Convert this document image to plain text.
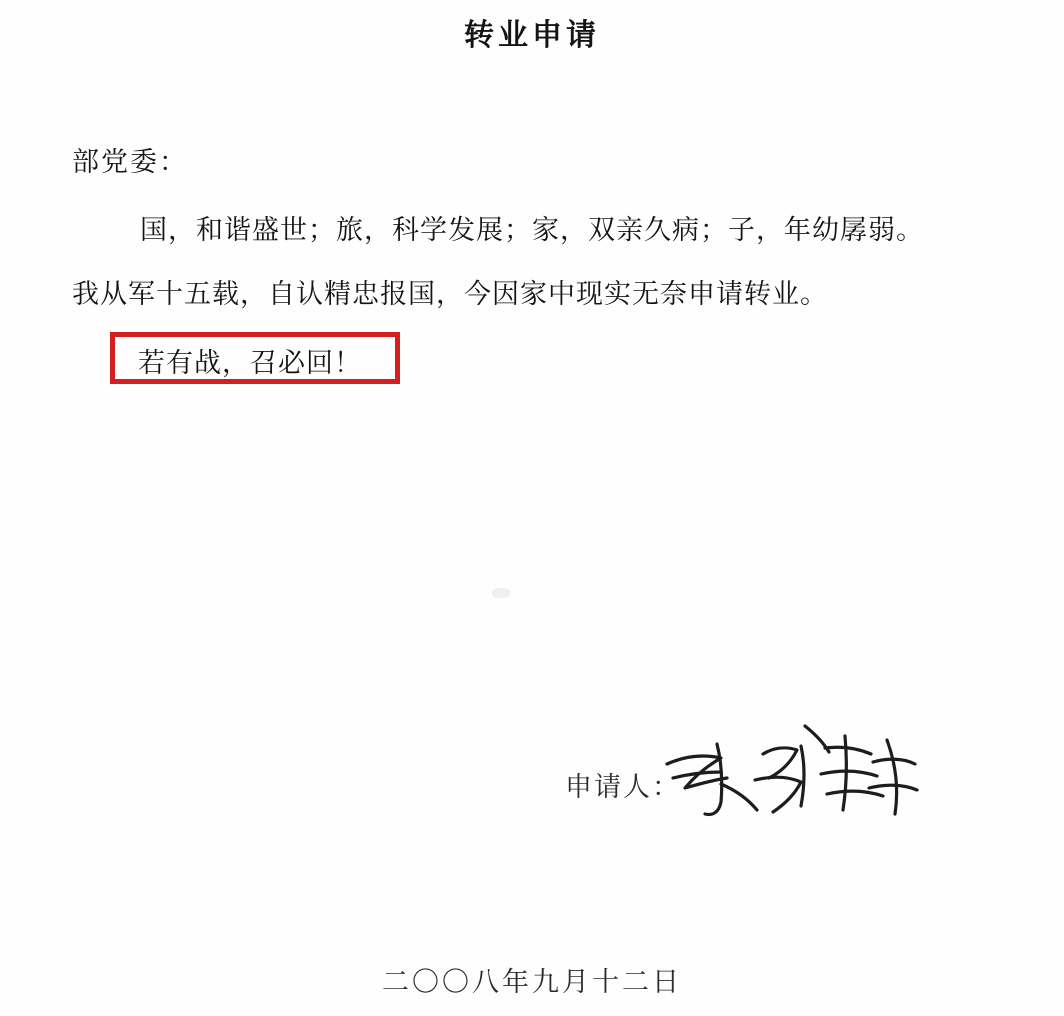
转业申请
部党委：
国，和谐盛世；旅，科学发展；家，双亲久病；子，年幼孱弱。
我从军十五载，自认精忠报国，今因家中现实无奈申请转业。
若有战，召必回！
申请人：
二〇〇八年九月十二日
